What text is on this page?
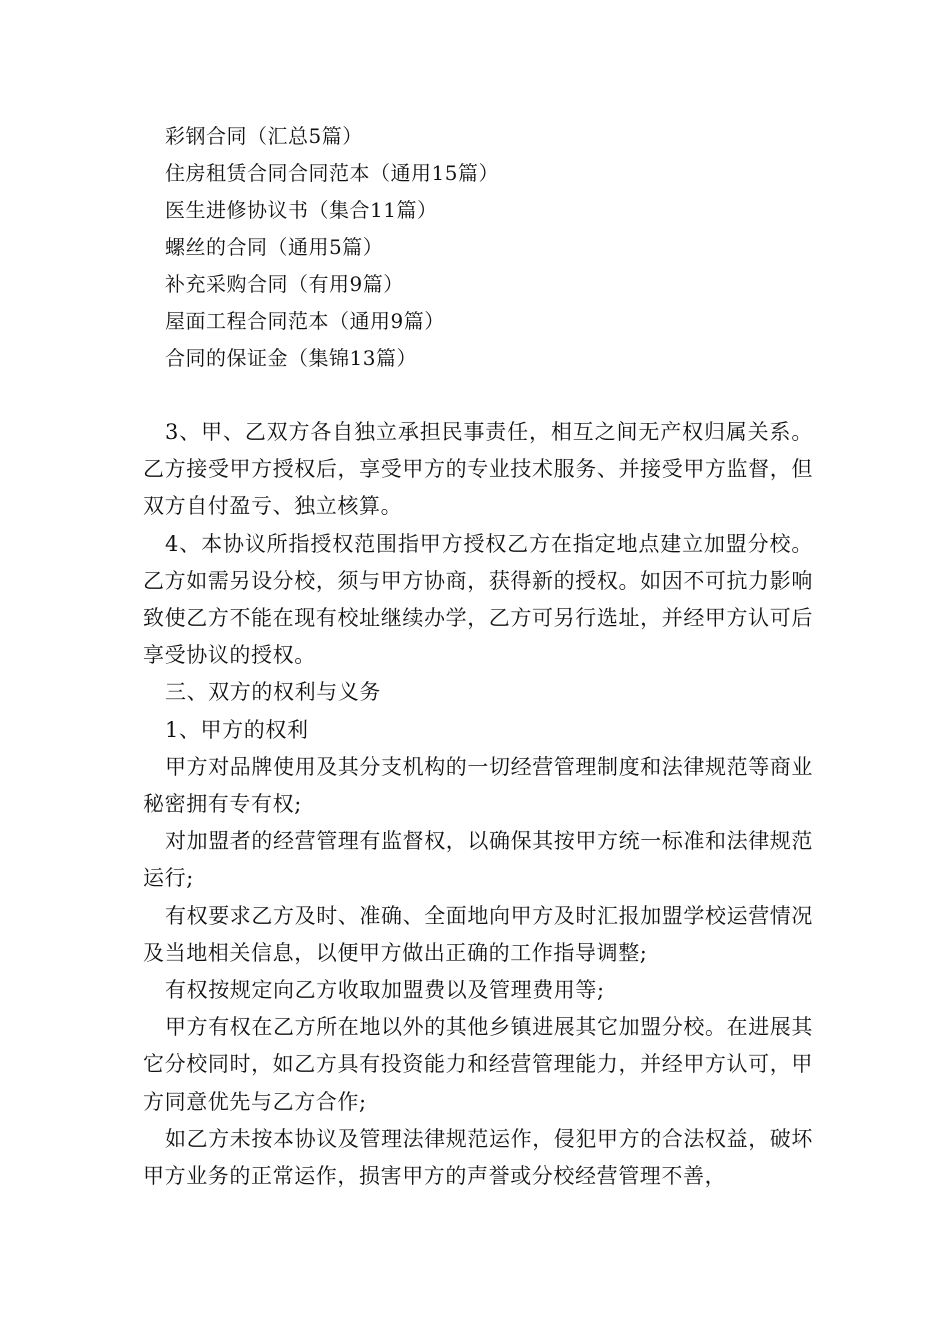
彩钢合同（汇总5篇）
住房租赁合同合同范本（通用15篇）
医生进修协议书（集合11篇）
螺丝的合同（通用5篇）
补充采购合同（有用9篇）
屋面工程合同范本（通用9篇）
合同的保证金（集锦13篇）

3、甲、乙双方各自独立承担民事责任，相互之间无产权归属关系。乙方接受甲方授权后，享受甲方的专业技术服务、并接受甲方监督，但双方自付盈亏、独立核算。

4、本协议所指授权范围指甲方授权乙方在指定地点建立加盟分校。乙方如需另设分校，须与甲方协商，获得新的授权。如因不可抗力影响致使乙方不能在现有校址继续办学，乙方可另行选址，并经甲方认可后享受协议的授权。

三、双方的权利与义务

1、甲方的权利

甲方对品牌使用及其分支机构的一切经营管理制度和法律规范等商业秘密拥有专有权;

对加盟者的经营管理有监督权，以确保其按甲方统一标准和法律规范运行;

有权要求乙方及时、准确、全面地向甲方及时汇报加盟学校运营情况及当地相关信息，以便甲方做出正确的工作指导调整;

有权按规定向乙方收取加盟费以及管理费用等;

甲方有权在乙方所在地以外的其他乡镇进展其它加盟分校。在进展其它分校同时，如乙方具有投资能力和经营管理能力，并经甲方认可，甲方同意优先与乙方合作;

如乙方未按本协议及管理法律规范运作，侵犯甲方的合法权益，破坏甲方业务的正常运作，损害甲方的声誉或分校经营管理不善，
